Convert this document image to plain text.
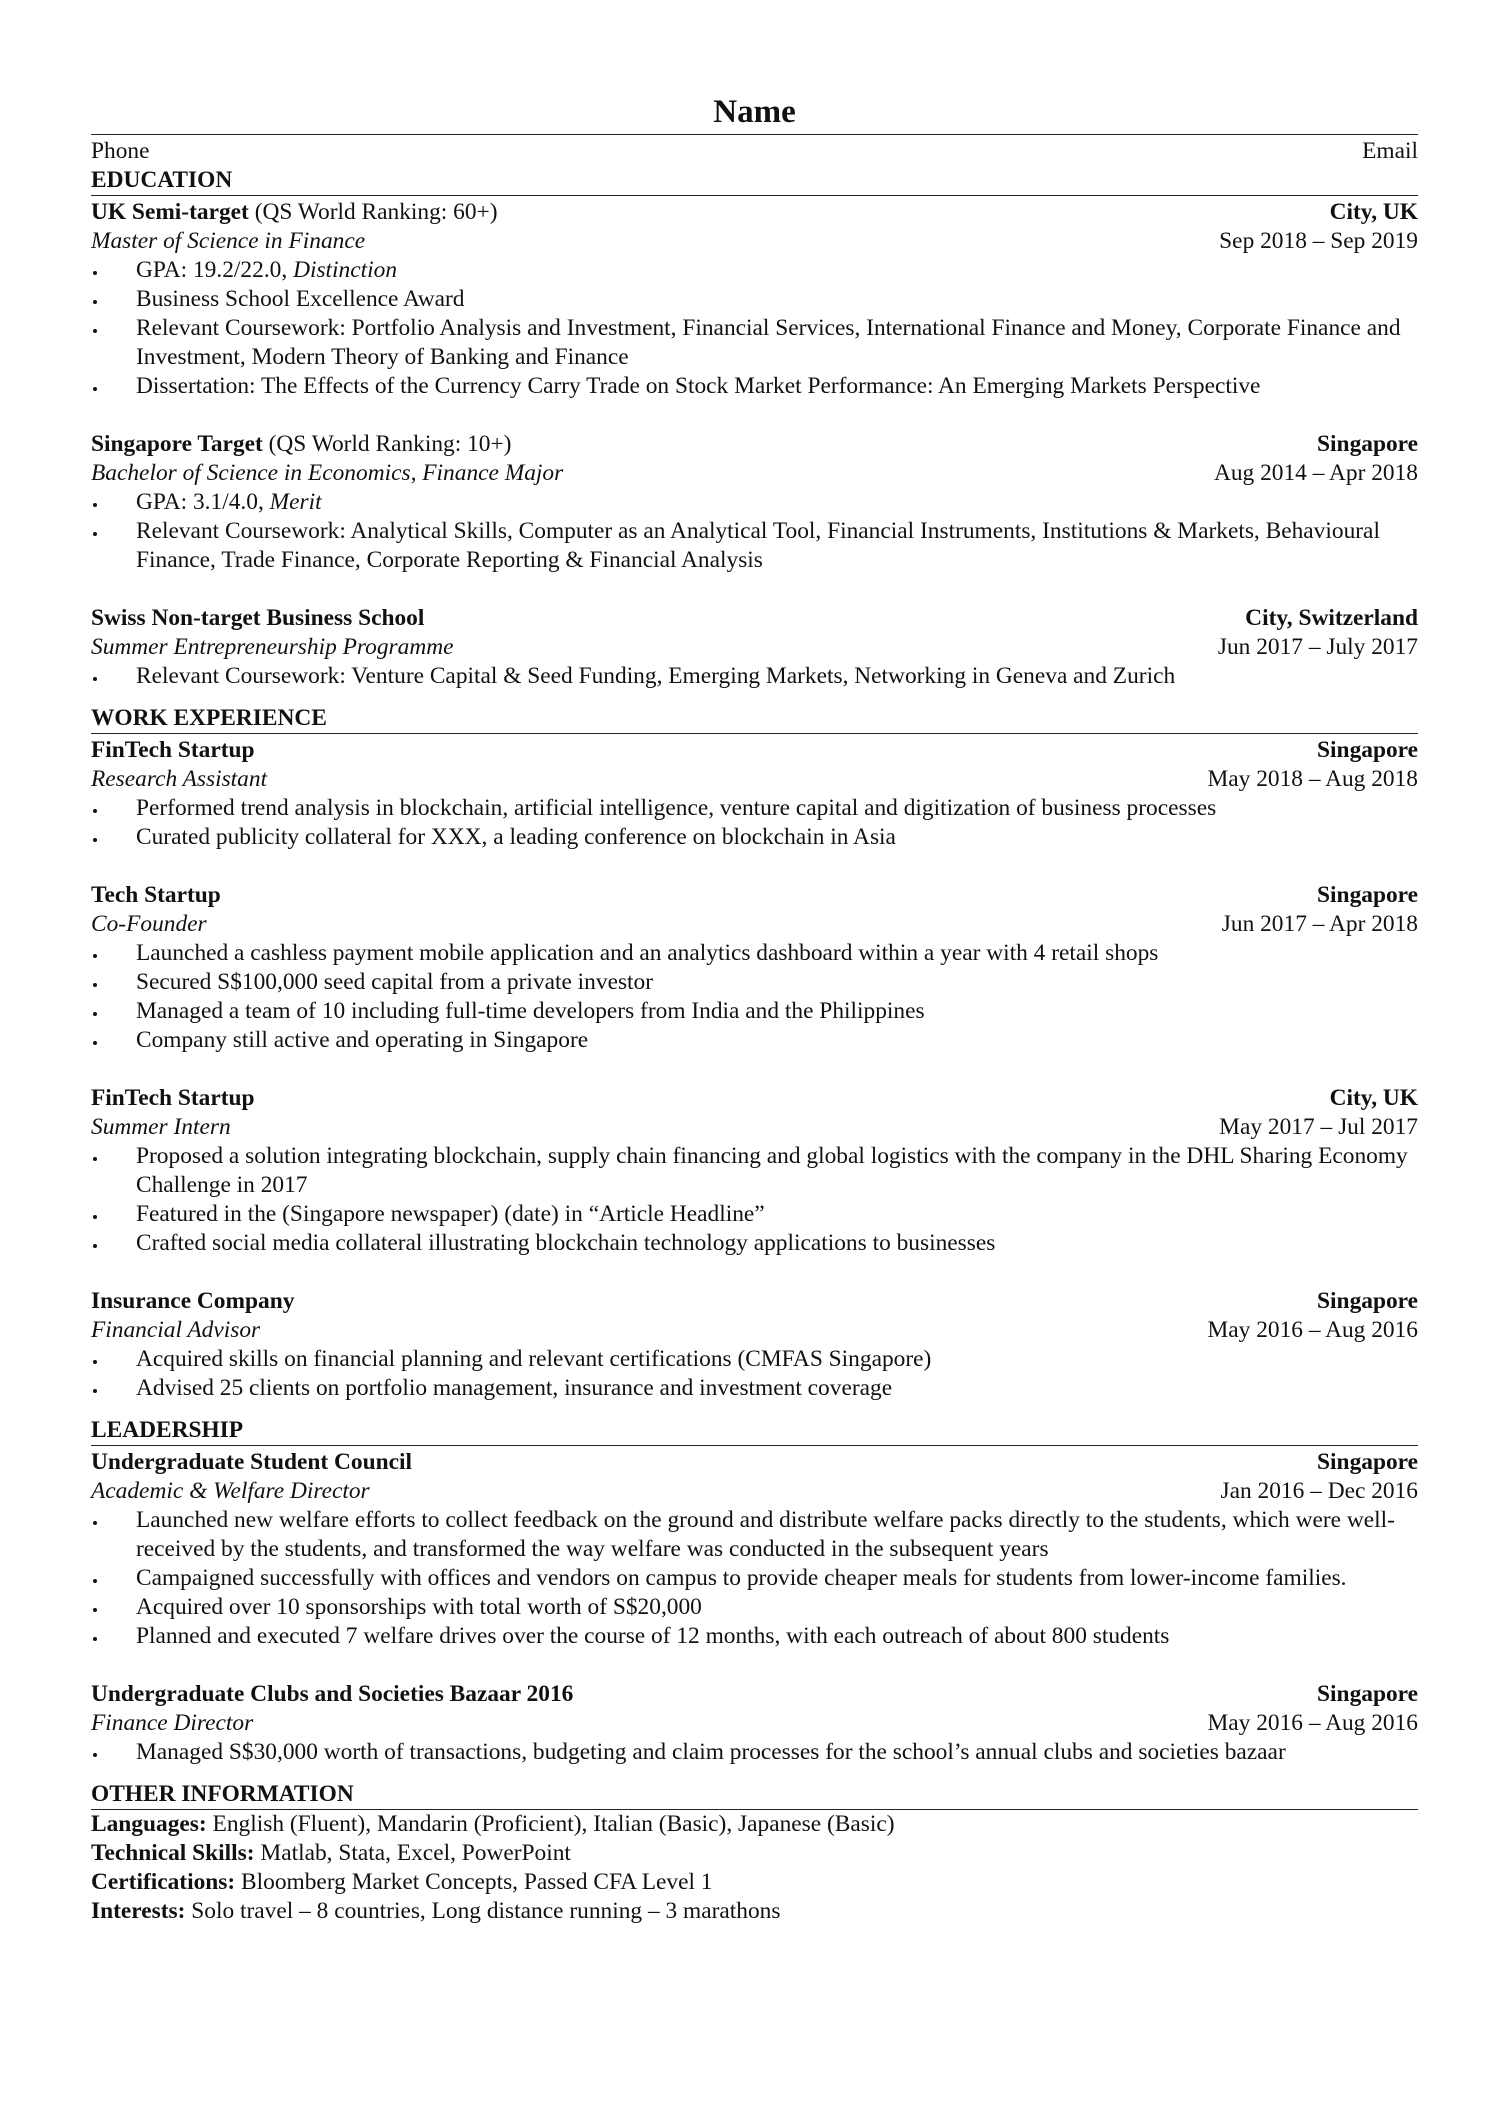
Name
Phone	Email
EDUCATION
UK Semi-target (QS World Ranking: 60+)	City, UK
Master of Science in Finance	Sep 2018 – Sep 2019
GPA: 19.2/22.0, Distinction
Business School Excellence Award
Relevant Coursework: Portfolio Analysis and Investment, Financial Services, International Finance and Money, Corporate Finance and Investment, Modern Theory of Banking and Finance
Dissertation: The Effects of the Currency Carry Trade on Stock Market Performance: An Emerging Markets Perspective
Singapore Target (QS World Ranking: 10+)	Singapore
Bachelor of Science in Economics, Finance Major	Aug 2014 – Apr 2018
GPA: 3.1/4.0, Merit
Relevant Coursework: Analytical Skills, Computer as an Analytical Tool, Financial Instruments, Institutions & Markets, Behavioural Finance, Trade Finance, Corporate Reporting & Financial Analysis
Swiss Non-target Business School	City, Switzerland
Summer Entrepreneurship Programme	Jun 2017 – July 2017
Relevant Coursework: Venture Capital & Seed Funding, Emerging Markets, Networking in Geneva and Zurich
WORK EXPERIENCE
FinTech Startup	Singapore
Research Assistant	May 2018 – Aug 2018
Performed trend analysis in blockchain, artificial intelligence, venture capital and digitization of business processes
Curated publicity collateral for XXX, a leading conference on blockchain in Asia
Tech Startup	Singapore
Co-Founder	Jun 2017 – Apr 2018
Launched a cashless payment mobile application and an analytics dashboard within a year with 4 retail shops
Secured S$100,000 seed capital from a private investor
Managed a team of 10 including full-time developers from India and the Philippines
Company still active and operating in Singapore
FinTech Startup	City, UK
Summer Intern	May 2017 – Jul 2017
Proposed a solution integrating blockchain, supply chain financing and global logistics with the company in the DHL Sharing Economy Challenge in 2017
Featured in the (Singapore newspaper) (date) in “Article Headline”
Crafted social media collateral illustrating blockchain technology applications to businesses
Insurance Company	Singapore
Financial Advisor	May 2016 – Aug 2016
Acquired skills on financial planning and relevant certifications (CMFAS Singapore)
Advised 25 clients on portfolio management, insurance and investment coverage
LEADERSHIP
Undergraduate Student Council	Singapore
Academic & Welfare Director	Jan 2016 – Dec 2016
Launched new welfare efforts to collect feedback on the ground and distribute welfare packs directly to the students, which were well-received by the students, and transformed the way welfare was conducted in the subsequent years
Campaigned successfully with offices and vendors on campus to provide cheaper meals for students from lower-income families.
Acquired over 10 sponsorships with total worth of S$20,000
Planned and executed 7 welfare drives over the course of 12 months, with each outreach of about 800 students
Undergraduate Clubs and Societies Bazaar 2016	Singapore
Finance Director	May 2016 – Aug 2016
Managed S$30,000 worth of transactions, budgeting and claim processes for the school’s annual clubs and societies bazaar
OTHER INFORMATION
Languages: English (Fluent), Mandarin (Proficient), Italian (Basic), Japanese (Basic)
Technical Skills: Matlab, Stata, Excel, PowerPoint
Certifications: Bloomberg Market Concepts, Passed CFA Level 1
Interests: Solo travel – 8 countries, Long distance running – 3 marathons
